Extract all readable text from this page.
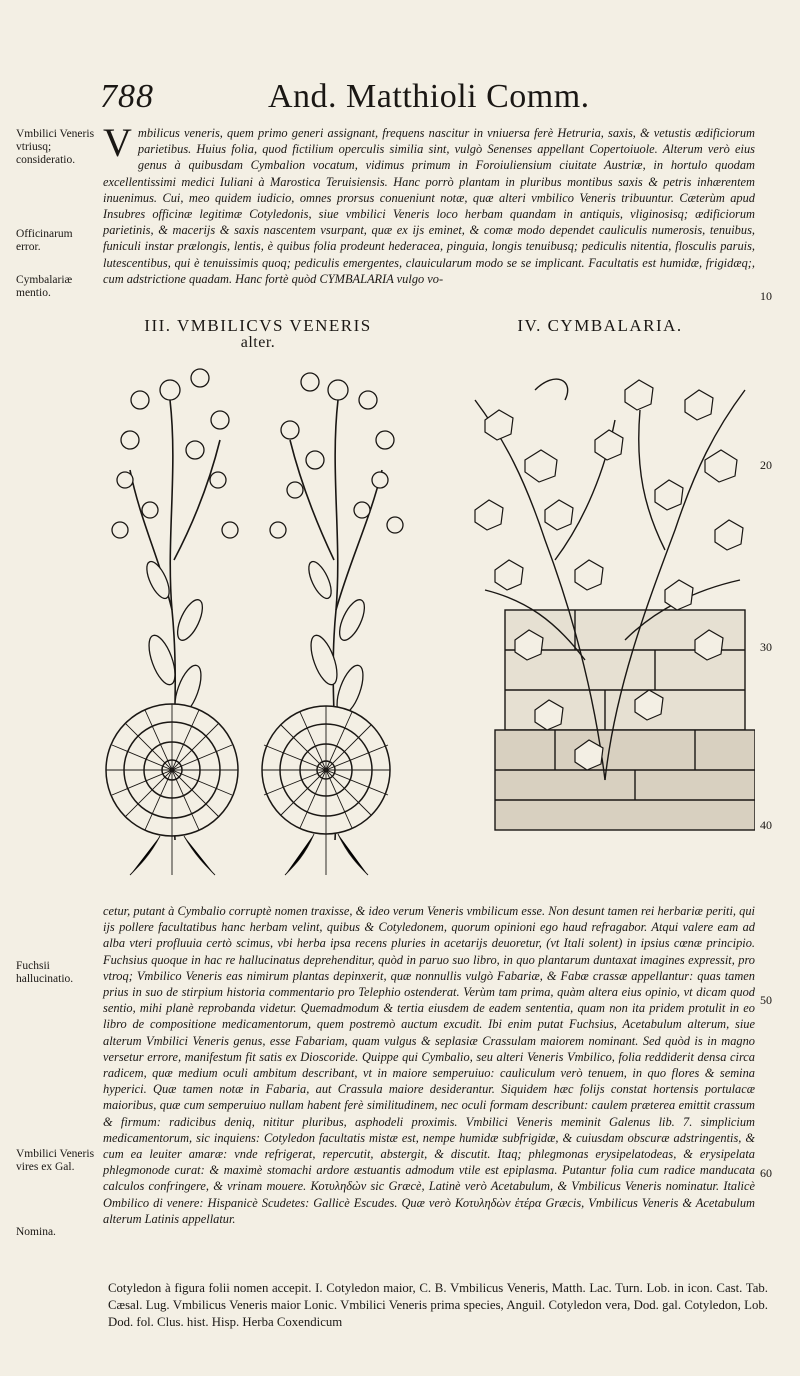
788	And. Matthioli Comm.
Vmbilici Veneris vtriusq; consideratio.
Officinarum error.
Cymbalariæ mentio.
Fuchsii hallucinatio.
Vmbilici Veneris vires ex Gal.
Nomina.
10
20
30
40
50
60

Vmbilicus veneris, quem primo generi assignant, frequens nascitur in vniuersa ferè Hetruria, saxis, & vetustis ædificiorum parietibus. Huius folia, quod fictilium operculis similia sint, vulgò Senenses appellant Copertoiuole. Alterum verò eius genus à quibusdam Cymbalion vocatum, vidimus primum in Foroiuliensium ciuitate Austriæ, in hortulo quodam excellentissimi medici Iuliani à Marostica Teruisiensis. Hanc porrò plantam in pluribus montibus saxis & petris inhærentem inuenimus. Cui, meo quidem iudicio, omnes prorsus conueniunt notæ, quæ alteri vmbilico Veneris tribuuntur. Cæterùm apud Insubres officinæ legitimæ Cotyledonis, siue vmbilici Veneris loco herbam quandam in antiquis, vliginosisq; ædificiorum parietinis, & macerijs & saxis nascentem vsurpant, quæ ex ijs eminet, & comæ modo dependet cauliculis numerosis, tenuibus, funiculi instar prælongis, lentis, è quibus folia prodeunt hederacea, pinguia, longis tenuibusq; pediculis nitentia, flosculis paruis, lutescentibus, qui è tenuissimis quoq; pediculis emergentes, clauicularum modo se se implicant. Facultatis est humidæ, frigidæq;, cum adstrictione quadam. Hanc fortè quòd CYMBALARIA vulgo vo-

III. VMBILICVS VENERIS
alter.
IV. CYMBALARIA.

cetur, putant à Cymbalio corruptè nomen traxisse, & ideo verum Veneris vmbilicum esse. Non desunt tamen rei herbariæ periti, qui ijs pollere facultatibus hanc herbam velint, quibus & Cotyledonem, quorum opinioni ego haud refragabor. Atqui valere eam ad alba vteri profluuia certò scimus, vbi herba ipsa recens pluries in acetarijs deuoretur, (vt Itali solent) in ipsius cœnæ principio. Fuchsius quoque in hac re hallucinatus deprehenditur, quòd in paruo suo libro, in quo plantarum duntaxat imagines expressit, pro vtroq; Vmbilico Veneris eas nimirum plantas depinxerit, quæ nonnullis vulgò Fabariæ, & Fabæ crassæ appellantur: quas tamen prius in suo de stirpium historia commentario pro Telephio ostenderat. Verùm tam prima, quàm altera eius opinio, vt dicam quod sentio, mihi planè reprobanda videtur. Quemadmodum & tertia eiusdem de eadem sententia, quam non ita pridem protulit in eo libro de compositione medicamentorum, quem postremò auctum excudit. Ibi enim putat Fuchsius, Acetabulum alterum, siue alterum Vmbilici Veneris genus, esse Fabariam, quam vulgus & seplasiæ Crassulam maiorem nominant. Sed quòd is in magno versetur errore, manifestum fit satis ex Dioscoride. Quippe qui Cymbalio, seu alteri Veneris Vmbilico, folia reddiderit densa circa radicem, quæ medium oculi ambitum describant, vt in maiore semperuiuo: cauliculum verò tenuem, in quo flores & semina hyperici. Quæ tamen notæ in Fabaria, aut Crassula maiore desiderantur. Siquidem hæc folijs constat hortensis portulacæ maioribus, quæ cum semperuiuo nullam habent ferè similitudinem, nec oculi formam describunt: caulem præterea emittit crassum & firmum: radicibus deniq, nititur pluribus, asphodeli proximis. Vmbilici Veneris meminit Galenus lib. 7. simplicium medicamentorum, sic inquiens: Cotyledon facultatis mistæ est, nempe humidæ subfrigidæ, & cuiusdam obscuræ adstringentis, & cum ea leuiter amaræ: vnde refrigerat, repercutit, abstergit, & discutit. Itaq; phlegmonas erysipelatodeas, & erysipelata phlegmonode curat: & maximè stomachi ardore æstuantis admodum vtile est epiplasma. Putantur folia cum radice manducata calculos confringere, & vrinam mouere. Κοτυληδὼν sic Græcè, Latinè verò Acetabulum, & Vmbilicus Veneris nominatur. Italicè Ombilico di venere: Hispanicè Scudetes: Gallicè Escudes. Quæ verò Κοτυληδὼν ἑτέρα Græcis, Vmbilicus Veneris & Acetabulum alterum Latinis appellatur.

Cotyledon à figura folii nomen accepit. I. Cotyledon maior, C. B. Vmbilicus Veneris, Matth. Lac. Turn. Lob. in icon. Cast. Tab. Cæsal. Lug. Vmbilicus Veneris maior Lonic. Vmbilici Veneris prima species, Anguil. Cotyledon vera, Dod. gal. Cotyledon, Lob. Dod. fol. Clus. hist. Hisp. Herba Coxendicum
